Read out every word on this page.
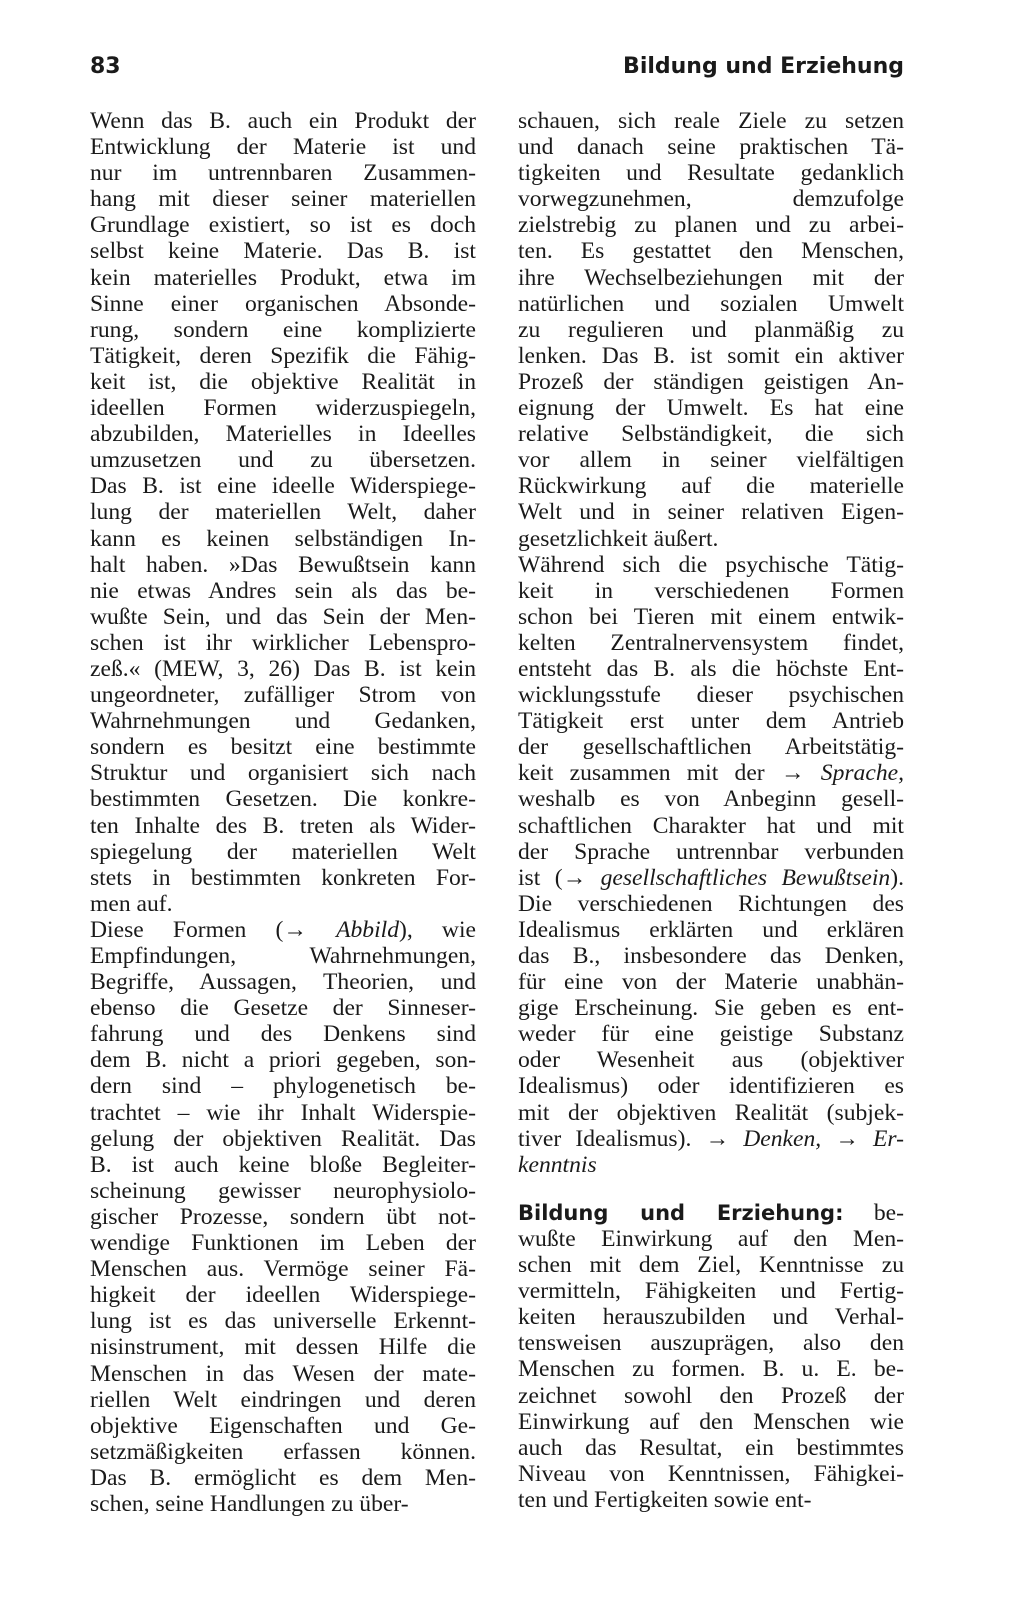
83	Bildung und Erziehung
Wenn das B. auch ein Produkt der
Entwicklung der Materie ist und
nur im untrennbaren Zusammen-
hang mit dieser seiner materiellen
Grundlage existiert, so ist es doch
selbst keine Materie. Das B. ist
kein materielles Produkt, etwa im
Sinne einer organischen Absonde-
rung, sondern eine komplizierte
Tätigkeit, deren Spezifik die Fähig-
keit ist, die objektive Realität in
ideellen Formen widerzuspiegeln,
abzubilden, Materielles in Ideelles
umzusetzen und zu übersetzen.
Das B. ist eine ideelle Widerspiege-
lung der materiellen Welt, daher
kann es keinen selbständigen In-
halt haben. »Das Bewußtsein kann
nie etwas Andres sein als das be-
wußte Sein, und das Sein der Men-
schen ist ihr wirklicher Lebenspro-
zeß.« (MEW, 3, 26) Das B. ist kein
ungeordneter, zufälliger Strom von
Wahrnehmungen und Gedanken,
sondern es besitzt eine bestimmte
Struktur und organisiert sich nach
bestimmten Gesetzen. Die konkre-
ten Inhalte des B. treten als Wider-
spiegelung der materiellen Welt
stets in bestimmten konkreten For-
men auf.
Diese Formen (→ Abbild), wie
Empfindungen, Wahrnehmungen,
Begriffe, Aussagen, Theorien, und
ebenso die Gesetze der Sinneser-
fahrung und des Denkens sind
dem B. nicht a priori gegeben, son-
dern sind – phylogenetisch be-
trachtet – wie ihr Inhalt Widerspie-
gelung der objektiven Realität. Das
B. ist auch keine bloße Begleiter-
scheinung gewisser neurophysiolo-
gischer Prozesse, sondern übt not-
wendige Funktionen im Leben der
Menschen aus. Vermöge seiner Fä-
higkeit der ideellen Widerspiege-
lung ist es das universelle Erkennt-
nisinstrument, mit dessen Hilfe die
Menschen in das Wesen der mate-
riellen Welt eindringen und deren
objektive Eigenschaften und Ge-
setzmäßigkeiten erfassen können.
Das B. ermöglicht es dem Men-
schen, seine Handlungen zu über-
schauen, sich reale Ziele zu setzen
und danach seine praktischen Tä-
tigkeiten und Resultate gedanklich
vorwegzunehmen, demzufolge
zielstrebig zu planen und zu arbei-
ten. Es gestattet den Menschen,
ihre Wechselbeziehungen mit der
natürlichen und sozialen Umwelt
zu regulieren und planmäßig zu
lenken. Das B. ist somit ein aktiver
Prozeß der ständigen geistigen An-
eignung der Umwelt. Es hat eine
relative Selbständigkeit, die sich
vor allem in seiner vielfältigen
Rückwirkung auf die materielle
Welt und in seiner relativen Eigen-
gesetzlichkeit äußert.
Während sich die psychische Tätig-
keit in verschiedenen Formen
schon bei Tieren mit einem entwik-
kelten Zentralnervensystem findet,
entsteht das B. als die höchste Ent-
wicklungsstufe dieser psychischen
Tätigkeit erst unter dem Antrieb
der gesellschaftlichen Arbeitstätig-
keit zusammen mit der → Sprache,
weshalb es von Anbeginn gesell-
schaftlichen Charakter hat und mit
der Sprache untrennbar verbunden
ist (→ gesellschaftliches Bewußtsein).
Die verschiedenen Richtungen des
Idealismus erklärten und erklären
das B., insbesondere das Denken,
für eine von der Materie unabhän-
gige Erscheinung. Sie geben es ent-
weder für eine geistige Substanz
oder Wesenheit aus (objektiver
Idealismus) oder identifizieren es
mit der objektiven Realität (subjek-
tiver Idealismus). → Denken, → Er-
kenntnis
Bildung und Erziehung: be-
wußte Einwirkung auf den Men-
schen mit dem Ziel, Kenntnisse zu
vermitteln, Fähigkeiten und Fertig-
keiten herauszubilden und Verhal-
tensweisen auszuprägen, also den
Menschen zu formen. B. u. E. be-
zeichnet sowohl den Prozeß der
Einwirkung auf den Menschen wie
auch das Resultat, ein bestimmtes
Niveau von Kenntnissen, Fähigkei-
ten und Fertigkeiten sowie ent-
